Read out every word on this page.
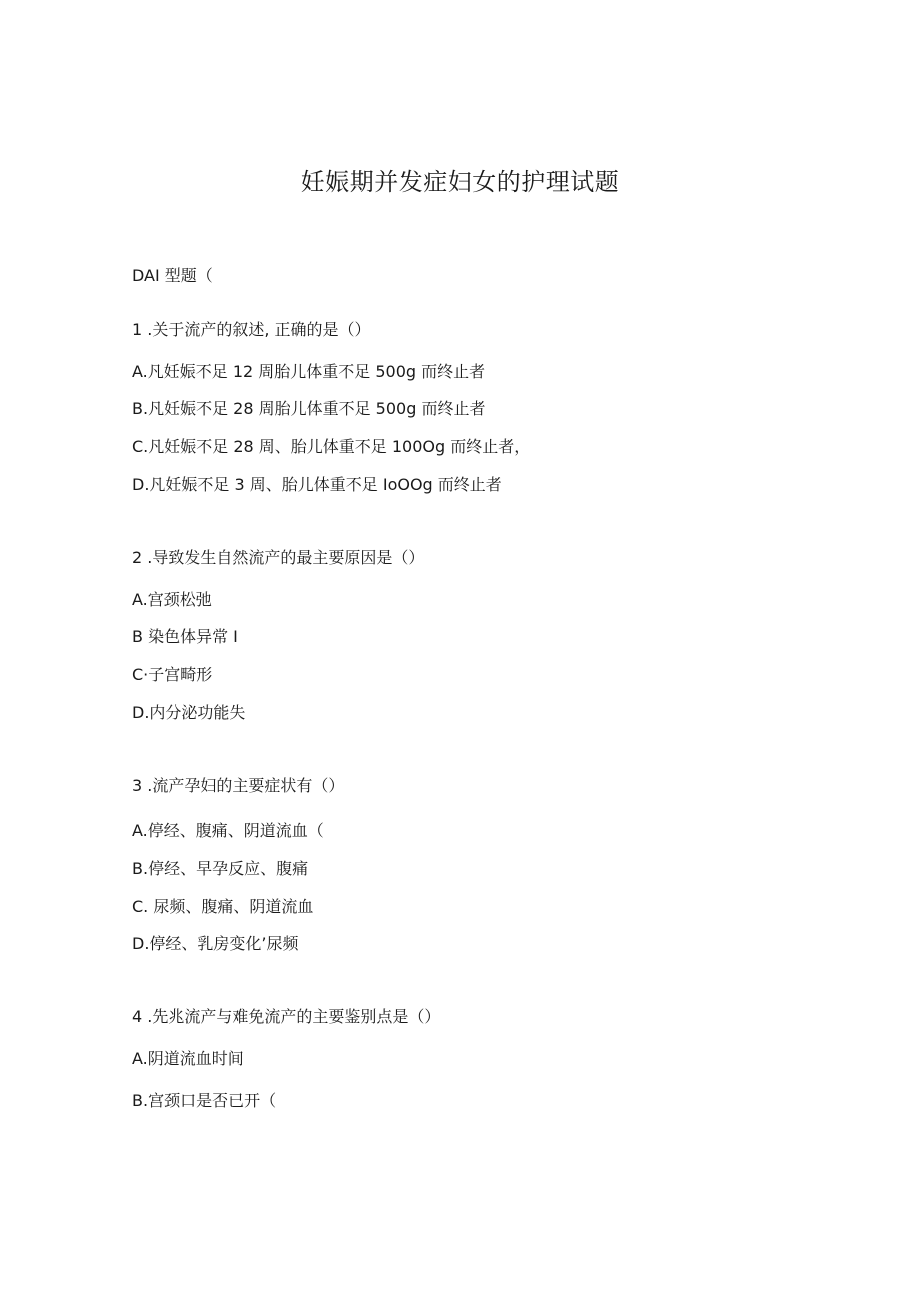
妊娠期并发症妇女的护理试题
DAI 型题（
1 .关于流产的叙述, 正确的是（）
A.凡妊娠不足 12 周胎儿体重不足 500g 而终止者
B.凡妊娠不足 28 周胎儿体重不足 500g 而终止者
C.凡妊娠不足 28 周、胎儿体重不足 100Og 而终止者，
D.凡妊娠不足 3 周、胎儿体重不足 IoOOg 而终止者
2 .导致发生自然流产的最主要原因是（）
A.宫颈松弛
B 染色体异常 I
C·子宫畸形
D.内分泌功能失
3 .流产孕妇的主要症状有（）
A.停经、腹痛、阴道流血（
B.停经、早孕反应、腹痛
C. 尿频、腹痛、阴道流血
D.停经、乳房变化’尿频
4 .先兆流产与难免流产的主要鉴别点是（）
A.阴道流血时间
B.宫颈口是否已开（
